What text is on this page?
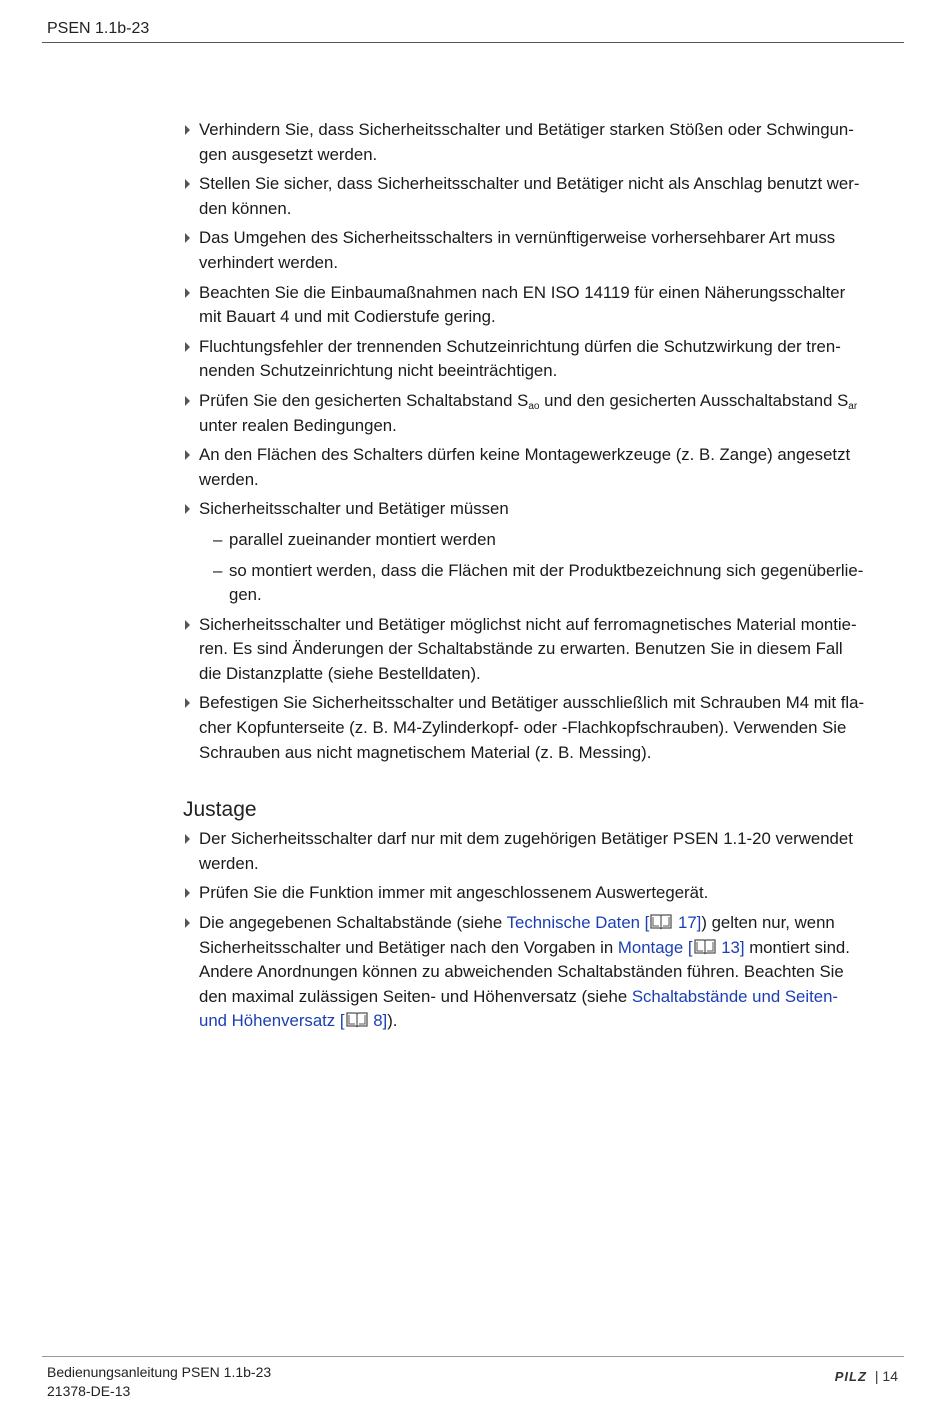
PSEN 1.1b-23
Verhindern Sie, dass Sicherheitsschalter und Betätiger starken Stößen oder Schwingun-
gen ausgesetzt werden.
Stellen Sie sicher, dass Sicherheitsschalter und Betätiger nicht als Anschlag benutzt wer-
den können.
Das Umgehen des Sicherheitsschalters in vernünftigerweise vorhersehbarer Art muss
verhindert werden.
Beachten Sie die Einbaumaßnahmen nach EN ISO 14119 für einen Näherungsschalter
mit Bauart 4 und mit Codierstufe gering.
Fluchtungsfehler der trennenden Schutzeinrichtung dürfen die Schutzwirkung der tren-
nenden Schutzeinrichtung nicht beeinträchtigen.
Prüfen Sie den gesicherten Schaltabstand $S_{ao}$ und den gesicherten Ausschaltabstand $S_{ar}$
unter realen Bedingungen.
An den Flächen des Schalters dürfen keine Montagewerkzeuge (z. B. Zange) angesetzt
werden.
Sicherheitsschalter und Betätiger müssen
– parallel zueinander montiert werden
– so montiert werden, dass die Flächen mit der Produktbezeichnung sich gegenüberlie-
gen.
Sicherheitsschalter und Betätiger möglichst nicht auf ferromagnetisches Material montie-
ren. Es sind Änderungen der Schaltabstände zu erwarten. Benutzen Sie in diesem Fall
die Distanzplatte (siehe Bestelldaten).
Befestigen Sie Sicherheitsschalter und Betätiger ausschließlich mit Schrauben M4 mit fla-
cher Kopfunterseite (z. B. M4-Zylinderkopf- oder -Flachkopfschrauben). Verwenden Sie
Schrauben aus nicht magnetischem Material (z. B. Messing).
Justage
Der Sicherheitsschalter darf nur mit dem zugehörigen Betätiger PSEN 1.1-20 verwendet
werden.
Prüfen Sie die Funktion immer mit angeschlossenem Auswertegerät.
Die angegebenen Schaltabstände (siehe Technische Daten [ 17]) gelten nur, wenn
Sicherheitsschalter und Betätiger nach den Vorgaben in Montage [ 13] montiert sind.
Andere Anordnungen können zu abweichenden Schaltabständen führen. Beachten Sie
den maximal zulässigen Seiten- und Höhenversatz (siehe Schaltabstände und Seiten-
und Höhenversatz [ 8]).
Bedienungsanleitung PSEN 1.1b-23
21378-DE-13
PILZ | 14
